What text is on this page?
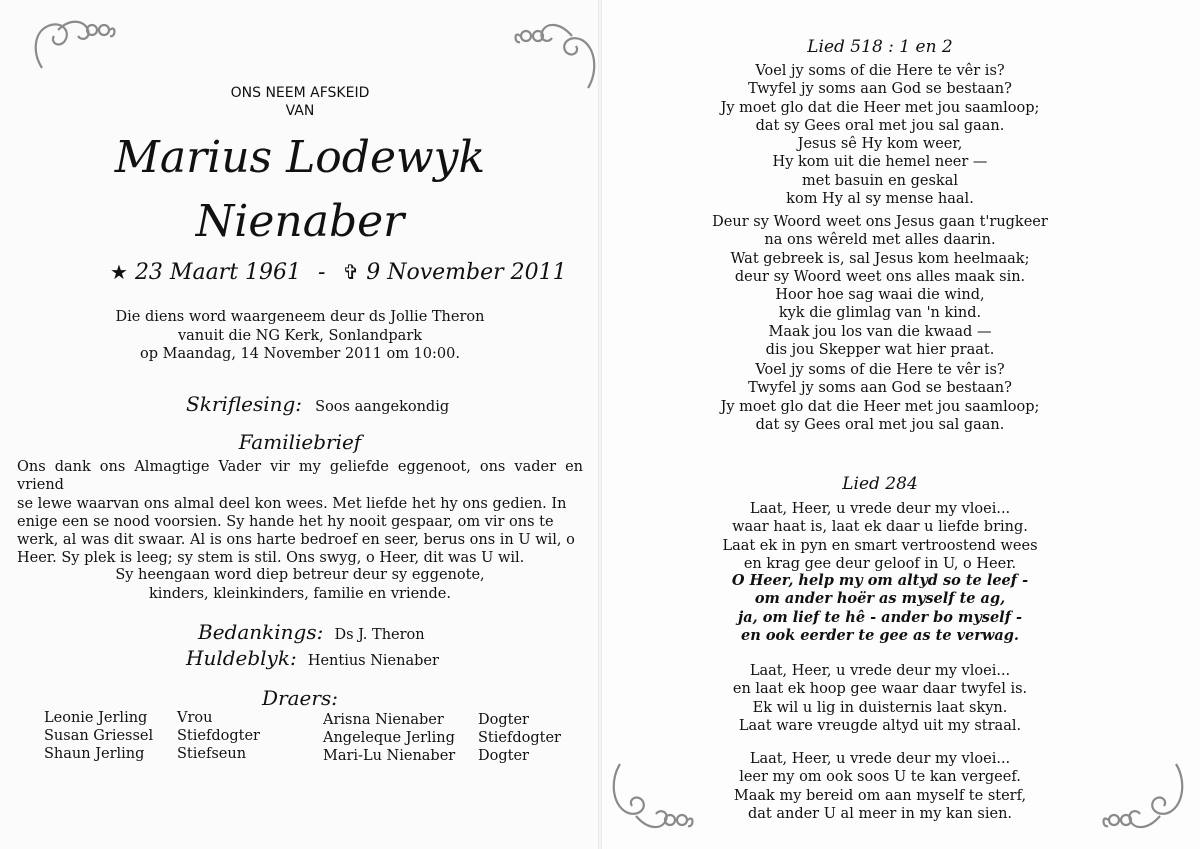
ONS NEEM AFSKEID
VAN
Marius Lodewyk
Nienaber
★ 23 Maart 1961 - ✞ 9 November 2011
Die diens word waargeneem deur ds Jollie Theron
vanuit die NG Kerk, Sonlandpark
op Maandag, 14 November 2011 om 10:00.
Skriflesing: Soos aangekondig
Familiebrief
Ons dank ons Almagtige Vader vir my geliefde eggenoot, ons vader en vriend
se lewe waarvan ons almal deel kon wees. Met liefde het hy ons gedien. In
enige een se nood voorsien. Sy hande het hy nooit gespaar, om vir ons te
werk, al was dit swaar. Al is ons harte bedroef en seer, berus ons in U wil, o
Heer. Sy plek is leeg; sy stem is stil. Ons swyg, o Heer, dit was U wil.
Sy heengaan word diep betreur deur sy eggenote,
kinders, kleinkinders, familie en vriende.
Bedankings: Ds J. Theron
Huldeblyk: Hentius Nienaber
Draers:
Leonie Jerling Vrou
Susan Griessel Stiefdogter
Shaun Jerling Stiefseun
Arisna Nienaber Dogter
Angeleque Jerling Stiefdogter
Mari-Lu Nienaber Dogter
Lied 518 : 1 en 2
Voel jy soms of die Here te vêr is?
Twyfel jy soms aan God se bestaan?
Jy moet glo dat die Heer met jou saamloop;
dat sy Gees oral met jou sal gaan.
Jesus sê Hy kom weer,
Hy kom uit die hemel neer —
met basuin en geskal
kom Hy al sy mense haal.
Deur sy Woord weet ons Jesus gaan t'rugkeer
na ons wêreld met alles daarin.
Wat gebreek is, sal Jesus kom heelmaak;
deur sy Woord weet ons alles maak sin.
Hoor hoe sag waai die wind,
kyk die glimlag van 'n kind.
Maak jou los van die kwaad —
dis jou Skepper wat hier praat.
Voel jy soms of die Here te vêr is?
Twyfel jy soms aan God se bestaan?
Jy moet glo dat die Heer met jou saamloop;
dat sy Gees oral met jou sal gaan.
Lied 284
Laat, Heer, u vrede deur my vloei...
waar haat is, laat ek daar u liefde bring.
Laat ek in pyn en smart vertroostend wees
en krag gee deur geloof in U, o Heer.
O Heer, help my om altyd so te leef -
om ander hoër as myself te ag,
ja, om lief te hê - ander bo myself -
en ook eerder te gee as te verwag.
Laat, Heer, u vrede deur my vloei...
en laat ek hoop gee waar daar twyfel is.
Ek wil u lig in duisternis laat skyn.
Laat ware vreugde altyd uit my straal.
Laat, Heer, u vrede deur my vloei...
leer my om ook soos U te kan vergeef.
Maak my bereid om aan myself te sterf,
dat ander U al meer in my kan sien.
